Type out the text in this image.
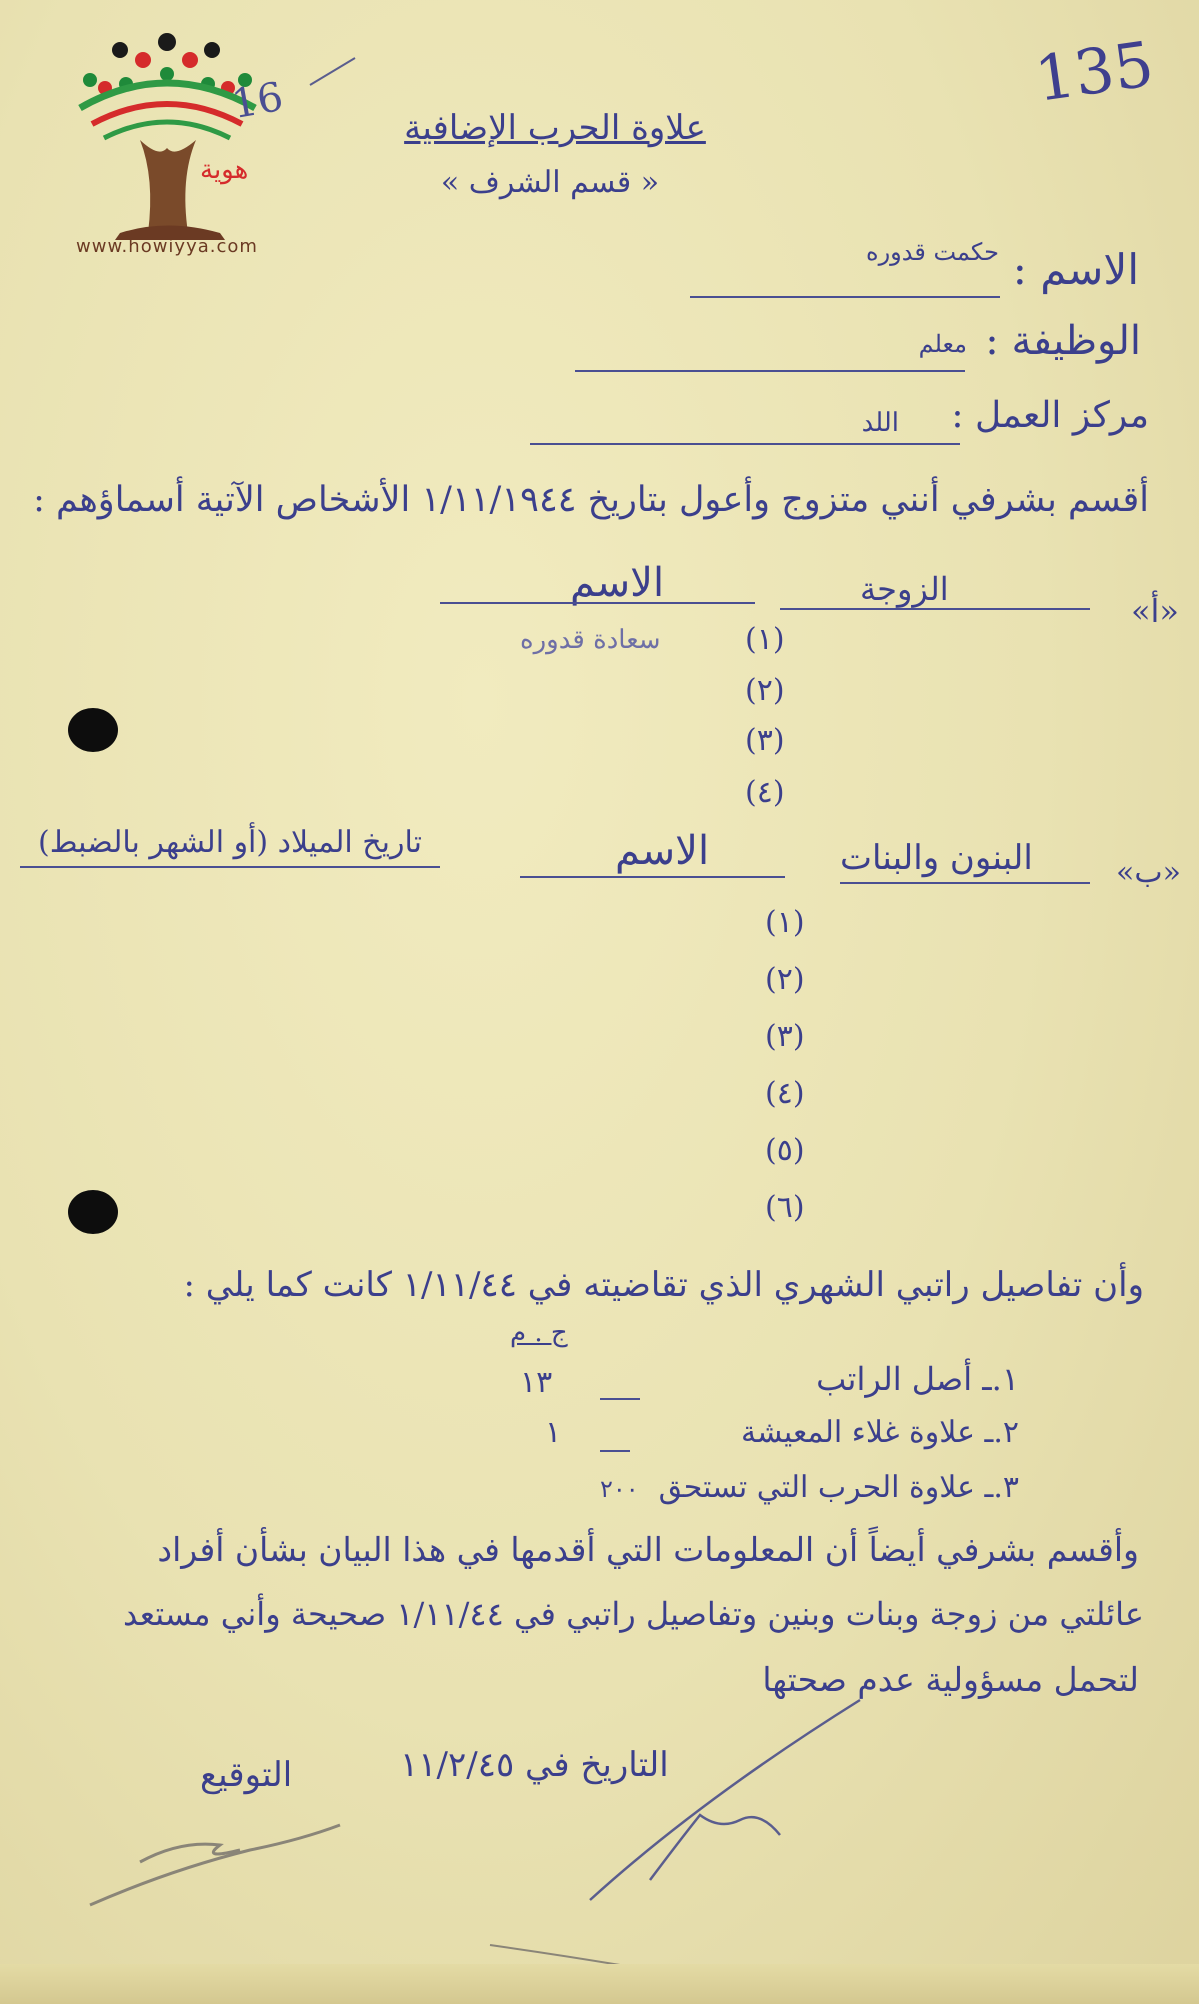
هوية
www.howiyya.com
16	135
علاوة الحرب الإضافية
« قسم الشرف »
الاسم :
حكمت قدوره
الوظيفة :
معلم
مركز العمل :
اللد
أقسم بشرفي أنني متزوج وأعول بتاريخ ١/١١/١٩٤٤ الأشخاص الآتية أسماؤهم :
«أ»
الزوجة
الاسم
سعادة قدوره	(١)
(٢)
(٣)
(٤)
«ب»
البنون والبنات
الاسم
تاريخ الميلاد (أو الشهر بالضبط)
(١)
(٢)
(٣)
(٤)
(٥)
(٦)
وأن تفاصيل راتبي الشهري الذي تقاضيته في ١/١١/٤٤ كانت كما يلي :
ج . م
١.ـ أصل الراتب
١٣
٢.ـ علاوة غلاء المعيشة
١
٣.ـ علاوة الحرب التي تستحق
٢٠٠
وأقسم بشرفي أيضاً أن المعلومات التي أقدمها في هذا البيان بشأن أفراد
عائلتي من زوجة وبنات وبنين وتفاصيل راتبي في ١/١١/٤٤ صحيحة وأني مستعد
لتحمل مسؤولية عدم صحتها
التاريخ في ١١/٢/٤٥
التوقيع
